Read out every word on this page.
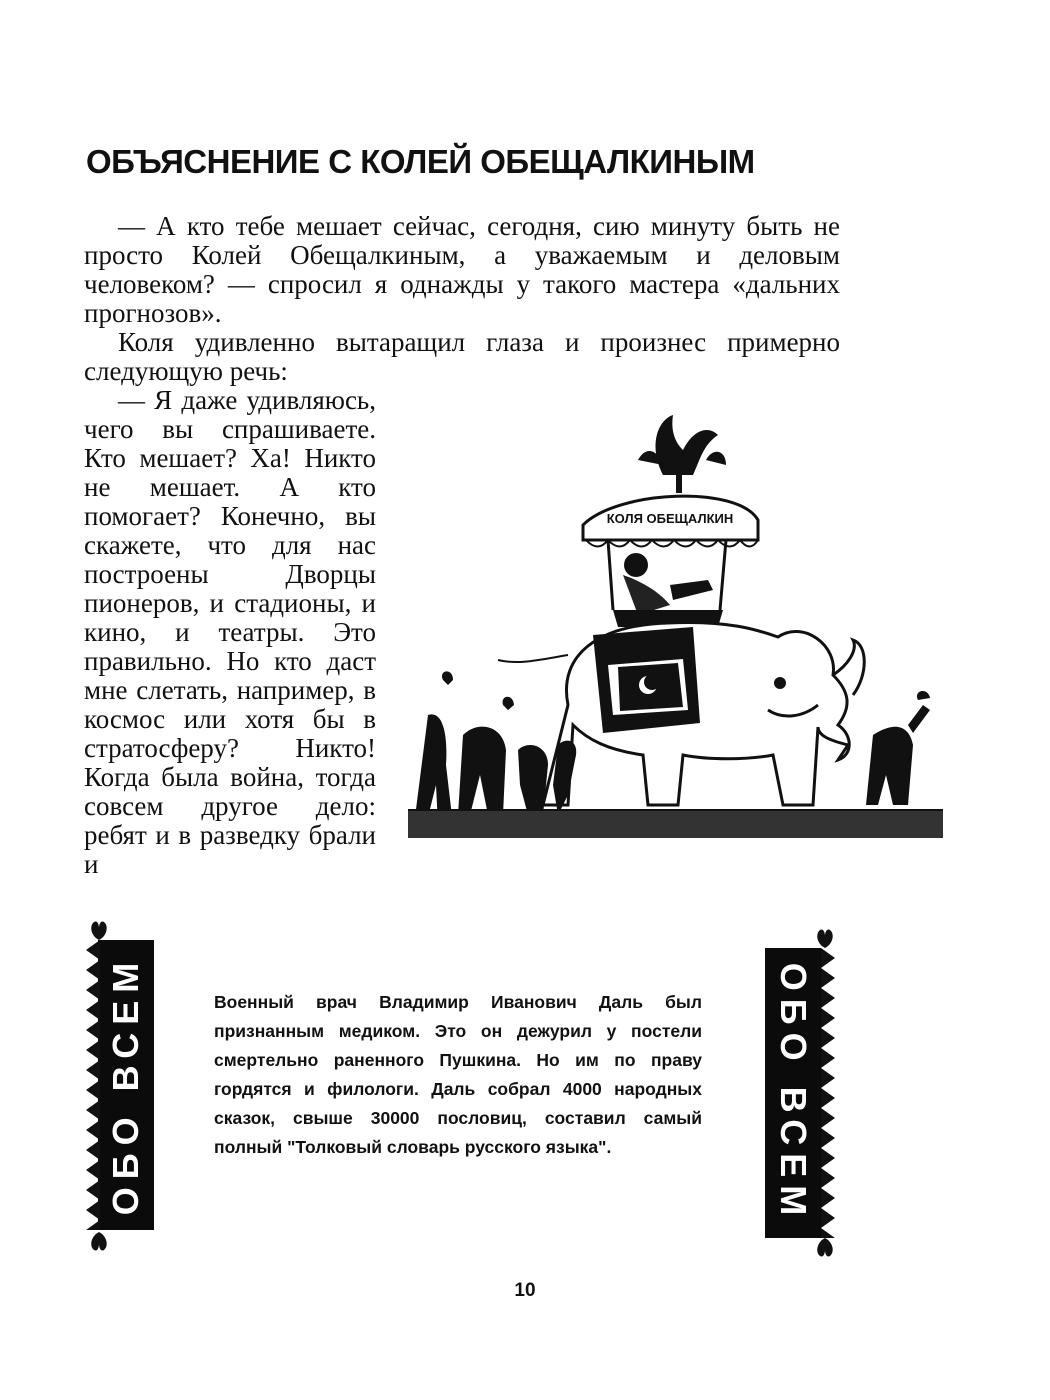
ОБЪЯСНЕНИЕ С КОЛЕЙ ОБЕЩАЛКИНЫМ

— А кто тебе мешает сейчас, сегодня, сию минуту быть не просто Колей Обещалкиным, а уважаемым и деловым человеком? — спросил я однажды у такого мастера «дальних прогнозов».

Коля удивленно вытаращил глаза и произнес примерно следующую речь:

— Я даже удивляюсь, чего вы спрашиваете. Кто мешает? Ха! Никто не мешает. А кто помогает? Конечно, вы скажете, что для нас построены Дворцы пионеров, и стадионы, и кино, и театры. Это правильно. Но кто даст мне слетать, например, в космос или хотя бы в стратосферу? Никто! Когда была война, тогда совсем другое дело: ребят и в разведку брали и

КОЛЯ ОБЕЩАЛКИН
ОБО ВСЕМ	Военный врач Владимир Иванович Даль был признанным медиком. Это он дежурил у постели смертельно раненного Пушкина. Но им по праву гордятся и филологи. Даль собрал 4000 народных сказок, свыше 30000 пословиц, составил самый полный "Толковый словарь русского языка".	ОБО ВСЕМ

10
